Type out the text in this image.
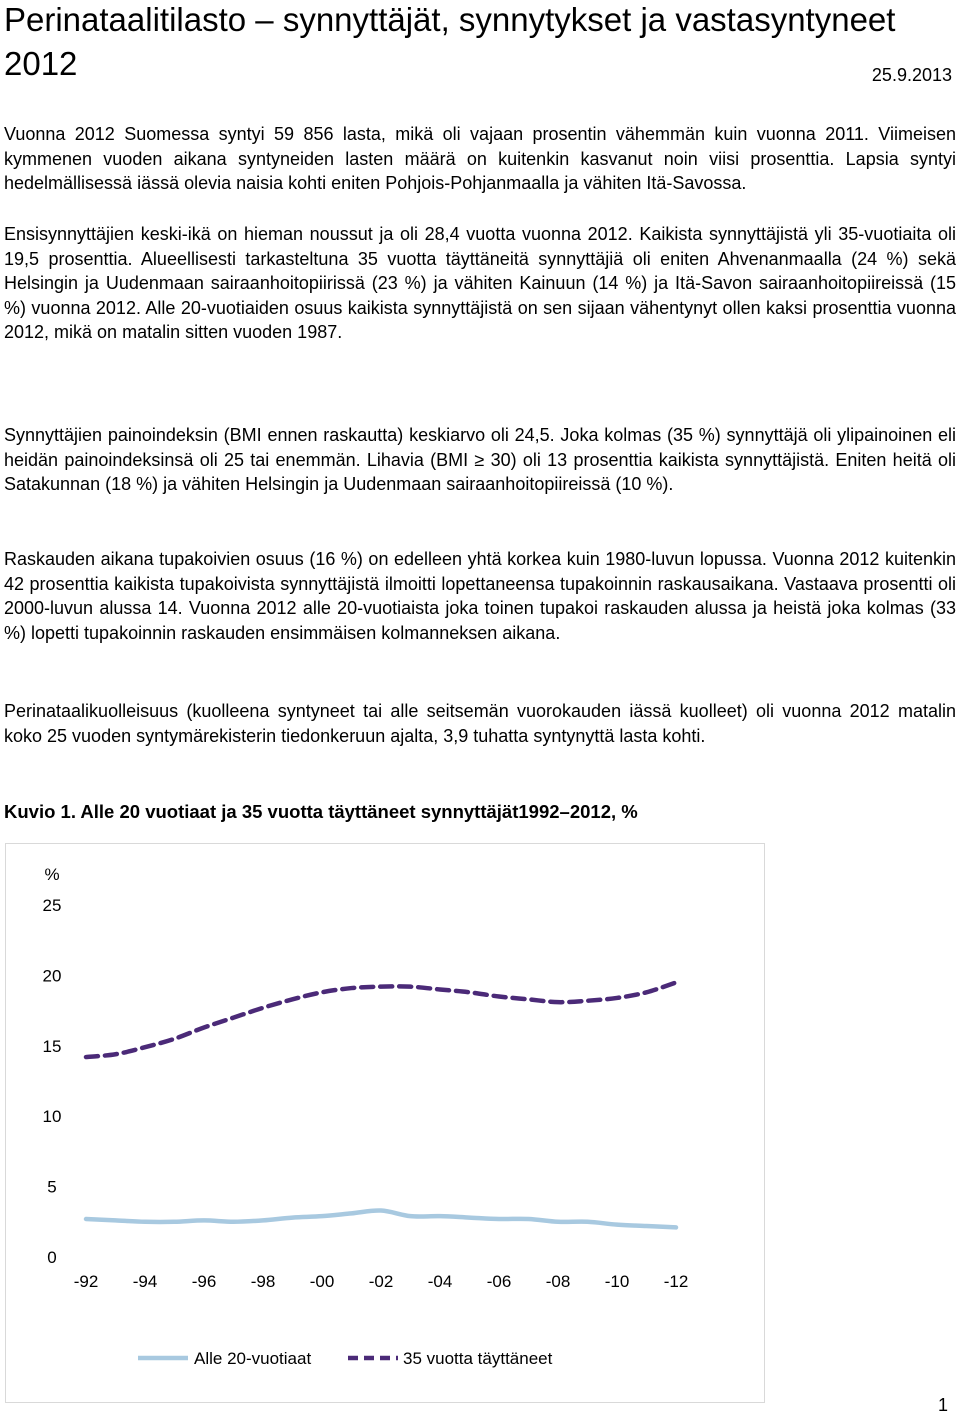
Perinataalitilasto – synnyttäjät, synnytykset ja vastasyntyneet 2012	25.9.2013

Vuonna 2012 Suomessa syntyi 59 856 lasta, mikä oli vajaan prosentin vähemmän kuin vuonna 2011. Viimeisen kymmenen vuoden aikana syntyneiden lasten määrä on kuitenkin kasvanut noin viisi prosenttia. Lapsia syntyi hedelmällisessä iässä olevia naisia kohti eniten Pohjois-Pohjanmaalla ja vähiten Itä-Savossa.

Ensisynnyttäjien keski-ikä on hieman noussut ja oli 28,4 vuotta vuonna 2012. Kaikista synnyttäjistä yli 35-vuotiaita oli 19,5 prosenttia. Alueellisesti tarkasteltuna 35 vuotta täyttäneitä synnyttäjiä oli eniten Ahvenanmaalla (24 %) sekä Helsingin ja Uudenmaan sairaanhoitopiirissä (23 %) ja vähiten Kainuun (14 %) ja Itä-Savon sairaanhoitopiireissä (15 %) vuonna 2012. Alle 20-vuotiaiden osuus kaikista synnyttäjistä on sen sijaan vähentynyt ollen kaksi prosenttia vuonna 2012, mikä on matalin sitten vuoden 1987.

Synnyttäjien painoindeksin (BMI ennen raskautta) keskiarvo oli 24,5. Joka kolmas (35 %) synnyttäjä oli ylipainoinen eli heidän painoindeksinsä oli 25 tai enemmän. Lihavia (BMI ≥ 30) oli 13 prosenttia kaikista synnyttäjistä. Eniten heitä oli Satakunnan (18 %) ja vähiten Helsingin ja Uudenmaan sairaanhoitopiireissä (10 %).

Raskauden aikana tupakoivien osuus (16 %) on edelleen yhtä korkea kuin 1980-luvun lopussa. Vuonna 2012 kuitenkin 42 prosenttia kaikista tupakoivista synnyttäjistä ilmoitti lopettaneensa tupakoinnin raskausaikana. Vastaava prosentti oli 2000-luvun alussa 14. Vuonna 2012 alle 20-vuotiaista joka toinen tupakoi raskauden alussa ja heistä joka kolmas (33 %) lopetti tupakoinnin raskauden ensimmäisen kolmanneksen aikana.

Perinataalikuolleisuus (kuolleena syntyneet tai alle seitsemän vuorokauden iässä kuolleet) oli vuonna 2012 matalin koko 25 vuoden syntymärekisterin tiedonkeruun ajalta, 3,9 tuhatta syntynyttä lasta kohti.

Kuvio 1. Alle 20 vuotiaat ja 35 vuotta täyttäneet synnyttäjät1992–2012, %
%
0
5
10
15
20
25
-92 -94 -96 -98 -00 -02 -04 -06 -08 -10 -12
Alle 20-vuotiaat	35 vuotta täyttäneet
1
